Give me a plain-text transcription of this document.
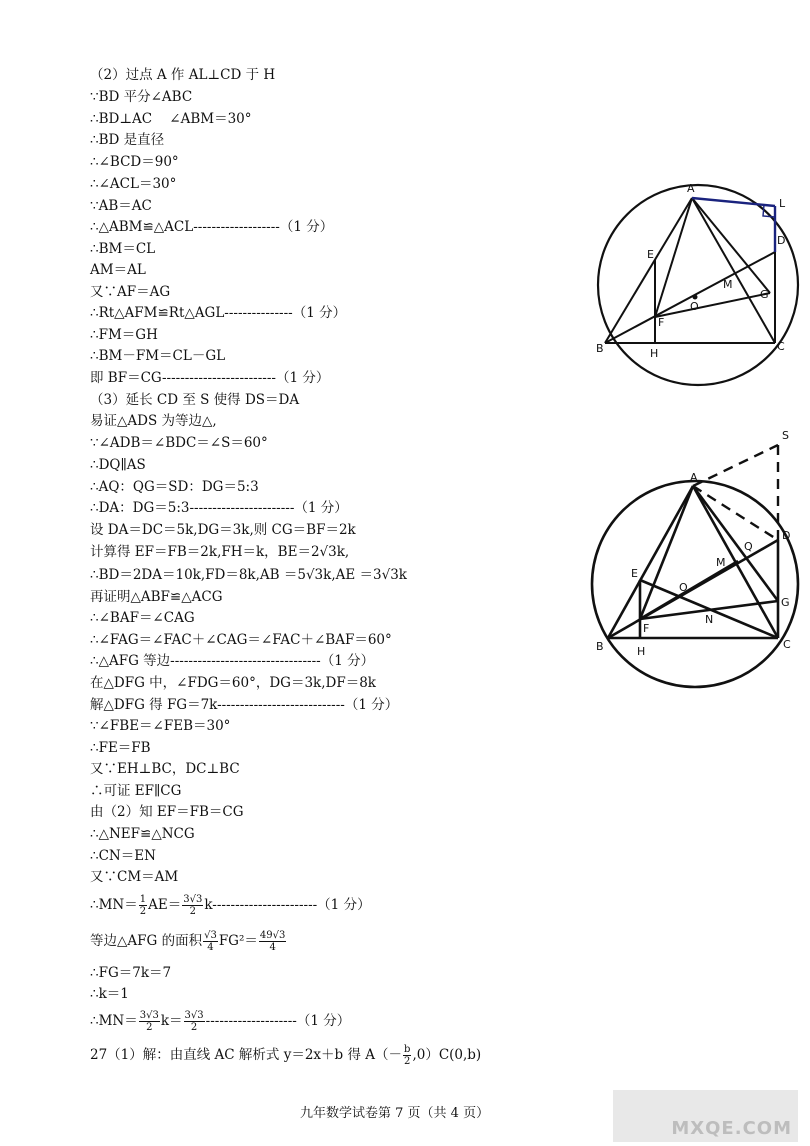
（2）过点 A 作 AL⊥CD 于 H
∵BD 平分∠ABC
∴BD⊥AC    ∠ABM＝30°
∴BD 是直径
∴∠BCD＝90°
∴∠ACL＝30°
∵AB＝AC
∴△ABM≌△ACL-------------------（1 分）
∴BM＝CL
AM＝AL
又∵AF＝AG
∴Rt△AFM≌Rt△AGL---------------（1 分）
∴FM＝GH
∴BM－FM＝CL－GL
即 BF＝CG-------------------------（1 分）
（3）延长 CD 至 S 使得 DS＝DA
易证△ADS 为等边△,
∵∠ADB＝∠BDC＝∠S＝60°
∴DQ∥AS
∴AQ：QG＝SD：DG＝5:3
∴DA：DG＝5:3-----------------------（1 分）
设 DA＝DC＝5k,DG＝3k,则 CG＝BF＝2k
计算得 EF＝FB＝2k,FH＝k，BE＝2√3k,
∴BD＝2DA＝10k,FD＝8k,AB ＝5√3k,AE ＝3√3k
再证明△ABF≌△ACG
∴∠BAF＝∠CAG
∴∠FAG＝∠FAC＋∠CAG＝∠FAC＋∠BAF＝60°
∴△AFG 等边---------------------------------（1 分）
在△DFG 中，∠FDG＝60°，DG＝3k,DF＝8k
解△DFG 得 FG＝7k----------------------------（1 分）
∵∠FBE＝∠FEB＝30°
∴FE＝FB
又∵EH⊥BC，DC⊥BC
∴可证 EF∥CG
由（2）知 EF＝FB＝CG
∴△NEF≌△NCG
∴CN＝EN
又∵CM＝AM
∴MN＝ $\frac{1}{2} AE= \frac{3√3}{2} k-----------------------(1$ 分）
等边△AFG 的面积 $\frac{√3}{4} FG^2= \frac{49√3}{4}$
∴FG＝7k＝7
∴k＝1
∴MN＝ $\frac{3√3}{2} k= \frac{3√3}{2} --------------------(1$ 分）
27（1）解：由直线 AC 解析式 y＝2x＋b 得 $A(- \frac{b}{2} ,0)C(0,b)$
A
L
D
E
M
O
G
F
B	H
C
S
A
D
Q
M
E
O
G
N
F
B	H
C
九年数学试卷第 7 页（共 4 页）
MXQE.COM
